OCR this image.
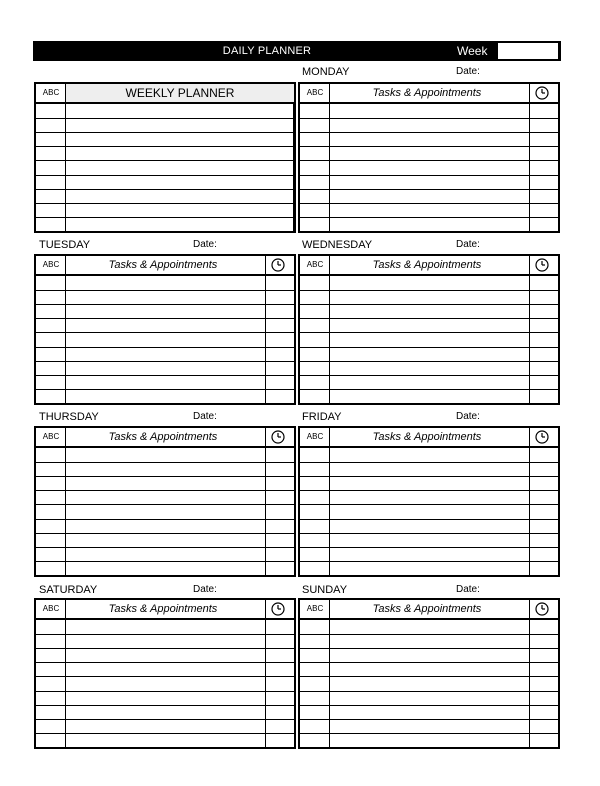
DAILY PLANNER	Week
MONDAY	Date:
TUESDAY	Date:	WEDNESDAY	Date:
THURSDAY	Date:	FRIDAY	Date:
SATURDAY	Date:	SUNDAY	Date:
ABC	WEEKLY PLANNER	ABC	Tasks & Appointments
ABC	Tasks & Appointments	ABC	Tasks & Appointments
ABC	Tasks & Appointments	ABC	Tasks & Appointments
ABC	Tasks & Appointments	ABC	Tasks & Appointments
